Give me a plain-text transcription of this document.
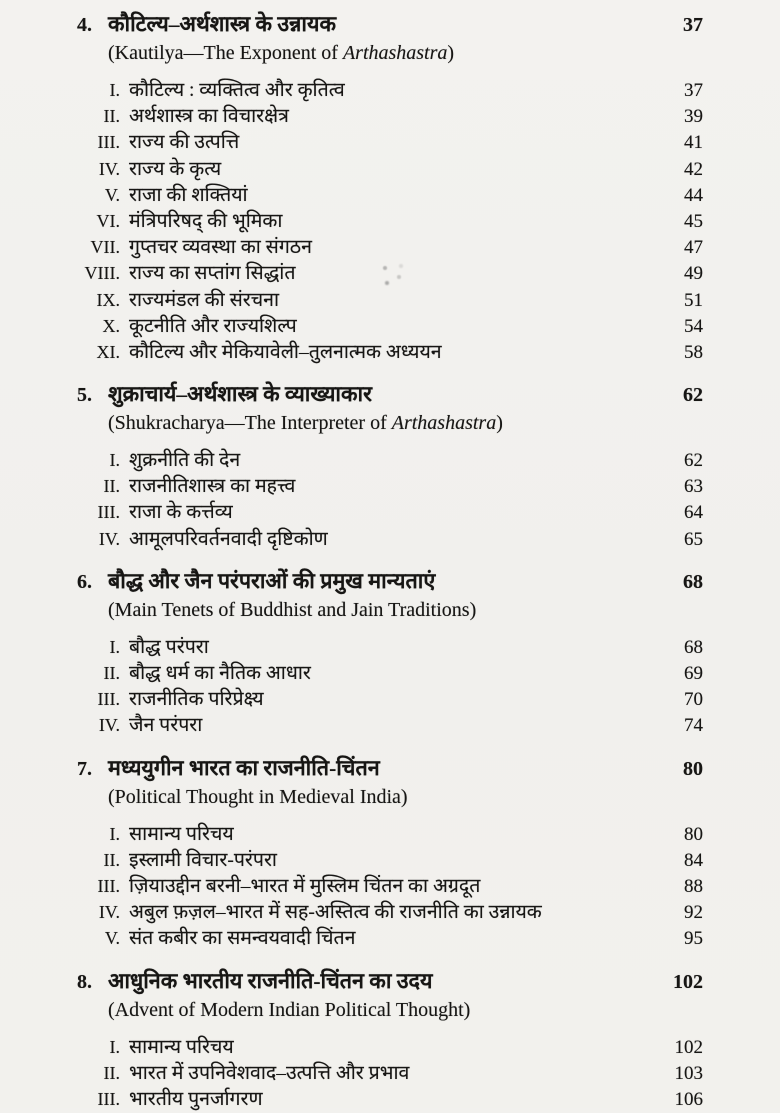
4. कौटिल्य–अर्थशास्त्र के उन्नायक	37
(Kautilya—The Exponent of Arthashastra)
I. कौटिल्य : व्यक्तित्व और कृतित्व	37
II. अर्थशास्त्र का विचारक्षेत्र	39
III. राज्य की उत्पत्ति	41
IV. राज्य के कृत्य	42
V. राजा की शक्तियां	44
VI. मंत्रिपरिषद् की भूमिका	45
VII. गुप्तचर व्यवस्था का संगठन	47
VIII. राज्य का सप्तांग सिद्धांत	49
IX. राज्यमंडल की संरचना	51
X. कूटनीति और राज्यशिल्प	54
XI. कौटिल्य और मेकियावेली–तुलनात्मक अध्ययन	58
5. शुक्राचार्य–अर्थशास्त्र के व्याख्याकार	62
(Shukracharya—The Interpreter of Arthashastra)
I. शुक्रनीति की देन	62
II. राजनीतिशास्त्र का महत्त्व	63
III. राजा के कर्त्तव्य	64
IV. आमूलपरिवर्तनवादी दृष्टिकोण	65
6. बौद्ध और जैन परंपराओं की प्रमुख मान्यताएं	68
(Main Tenets of Buddhist and Jain Traditions)
I. बौद्ध परंपरा	68
II. बौद्ध धर्म का नैतिक आधार	69
III. राजनीतिक परिप्रेक्ष्य	70
IV. जैन परंपरा	74
7. मध्ययुगीन भारत का राजनीति-चिंतन	80
(Political Thought in Medieval India)
I. सामान्य परिचय	80
II. इस्लामी विचार-परंपरा	84
III. ज़ियाउद्दीन बरनी–भारत में मुस्लिम चिंतन का अग्रदूत	88
IV. अबुल फ़ज़ल–भारत में सह-अस्तित्व की राजनीति का उन्नायक	92
V. संत कबीर का समन्वयवादी चिंतन	95
8. आधुनिक भारतीय राजनीति-चिंतन का उदय	102
(Advent of Modern Indian Political Thought)
I. सामान्य परिचय	102
II. भारत में उपनिवेशवाद–उत्पत्ति और प्रभाव	103
III. भारतीय पुनर्जागरण	106
